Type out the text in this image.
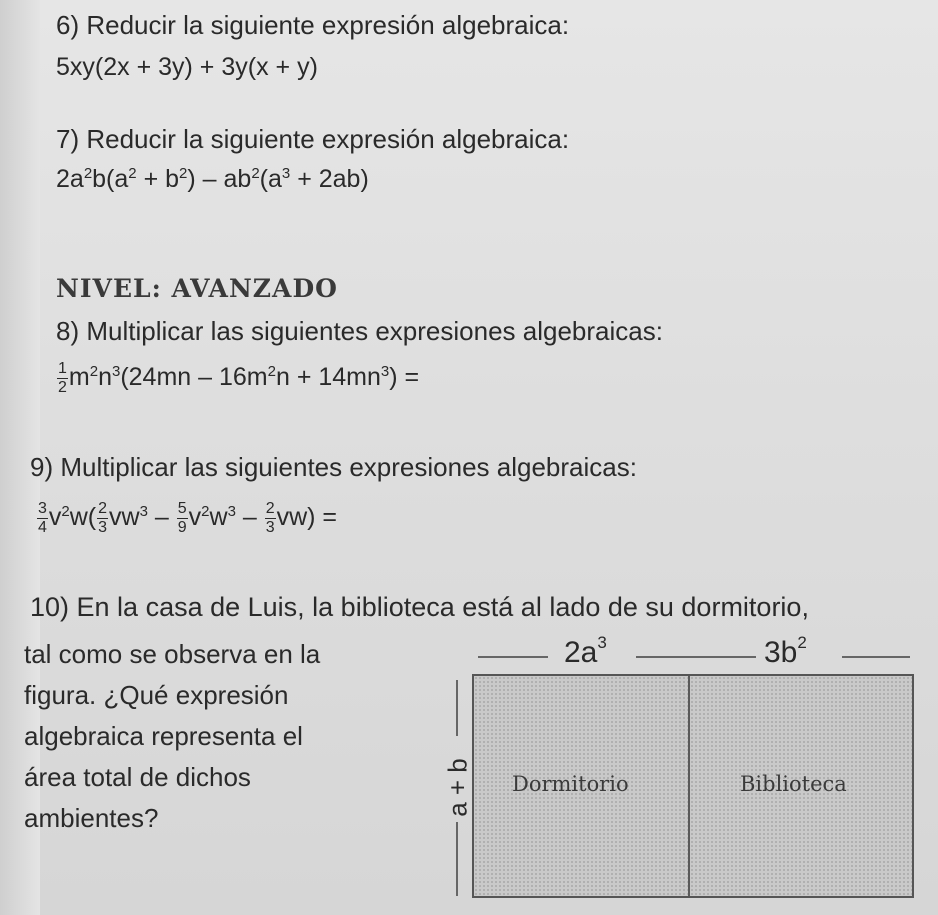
6) Reducir la siguiente expresión algebraica:
5xy(2x + 3y) + 3y(x + y)
7) Reducir la siguiente expresión algebraica:
$2a^2b(a^2 + b^2) - ab^2(a^3 + 2ab)$
NIVEL: AVANZADO
8) Multiplicar las siguientes expresiones algebraicas:
$\frac{1}{2} m^2n^3(24mn - 16m^2n + 14mn^3)$ =
9) Multiplicar las siguientes expresiones algebraicas:
$\frac{3}{4} v^2w( \frac{2}{3} vw^3 - \frac{5}{9} v^2w^3 - \frac{2}{3} vw)$ =
10) En la casa de Luis, la biblioteca está al lado de su dormitorio,
tal como se observa en la
figura. ¿Qué expresión
algebraica representa el
área total de dichos
ambientes?
$2a^3$	$3b^2$
a + b Dormitorio	Biblioteca
